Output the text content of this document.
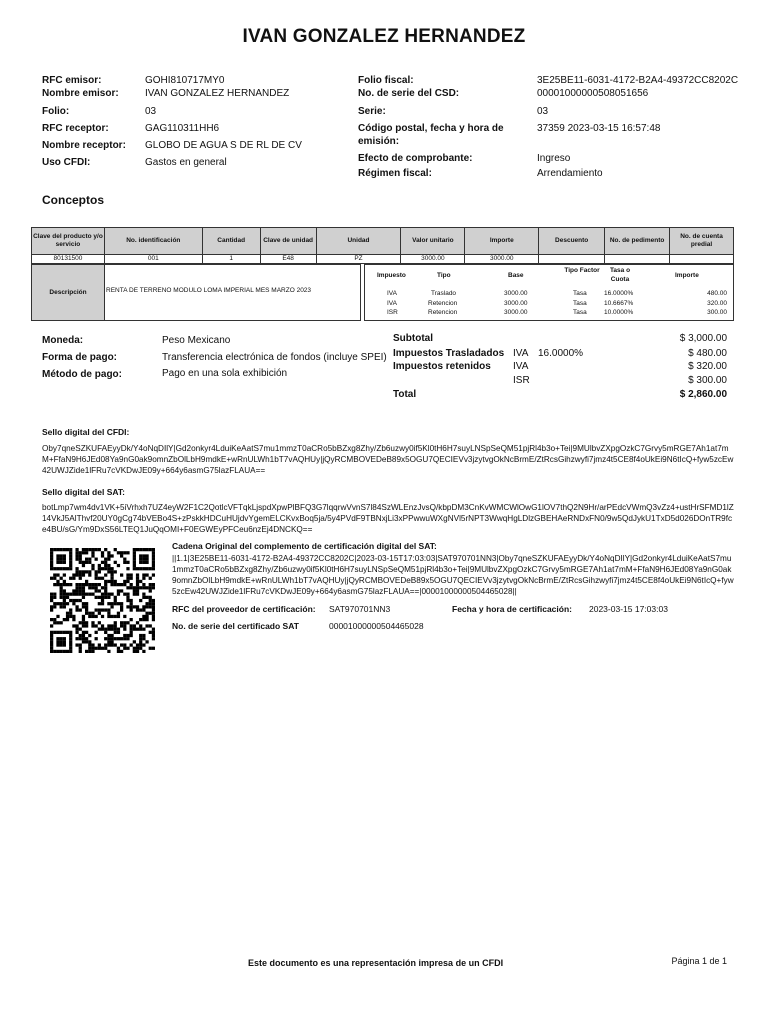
IVAN GONZALEZ HERNANDEZ
RFC emisor:	GOHI810717MY0
Nombre emisor:	IVAN GONZALEZ HERNANDEZ
Folio:	03
RFC receptor:	GAG110311HH6
Nombre receptor: GLOBO DE AGUA S DE RL DE CV
Uso CFDI:	Gastos en general
Folio fiscal:	3E25BE11-6031-4172-B2A4-49372CC8202C
No. de serie del CSD:	00001000000508051656
Serie:	03
Código postal, fecha y hora de
emisión:
37359 2023-03-15 16:57:48
Efecto de comprobante:	Ingreso
Régimen fiscal:	Arrendamiento
Conceptos
Clave del producto y/o servicio	No. identificación	Cantidad	Clave de unidad	Unidad	Valor unitario	Importe	Descuento	No. de pedimento	No. de cuenta predial
80131500	001	1	E48	PZ	3000.00	3000.00			
Descripción	RENTA DE TERRENO MODULO LOMA IMPERIAL MES MARZO 2023
Impuesto	Tipo	Base
Tipo Factor	Tasa o Cuota
Importe
IVA	Traslado	3000.00	Tasa	16.0000%	480.00
IVA	Retencion	3000.00	Tasa	10.6667%	320.00
ISR	Retencion	3000.00	Tasa	10.0000%	300.00
Moneda:	Peso Mexicano
Forma de pago:	Transferencia electrónica de fondos (incluye SPEI)
Método de pago:	Pago en una sola exhibición
Subtotal	$ 3,000.00
Impuestos Trasladados IVA 16.0000%	$ 480.00
Impuestos retenidos IVA	$ 320.00
ISR	$ 300.00
Total	$ 2,860.00
Sello digital del CFDI:
Oby7qneSZKUFAEyyDk/Y4oNqDIlY|Gd2onkyr4LduiKeAatS7mu1mmzT0aCRo5bBZxg8Zhy/Zb6uzwy0if5Kl0tH6H7suyLNSpSeQM51pjRl4b3o+Tei|9MUlbvZXpgOzkC7Grvy5mRGE7Ah1at7mM+FfaN9H6JEd08Ya9nG0ak9omnZbOlLbH9mdkE+wRnULWh1bT7vAQHUy|jQyRCMBOVEDeB89x5OGU7QECIEVv3jzytvgOkNcBrmE/ZtRcsGihzwyfi7jmz4t5CE8f4oUkEi9N6tIcQ+fyw5zcEw42UWJZide1lFRu7cVKDwJE09y+664y6asmG75lazFLAUA==
Sello digital del SAT:
botLmp7wm4dv1VK+5iVrhxh7UZ4eyW2F1C2QotlcVFTqkLjspdXpwPlBFQ3G7lqqrwVvnS7l84SzWLEnzJvsQ/kbpDM3CnKvWMCWlOwG1lOV7thQ2N9Hr/arPEdcVWmQ3vZz4+ustHrSFMD1lZ14VkJ5AlThvf20UY0gCg74bVEBo4S+zPskkHDCuHUjdvYgemELCKvxBoq5ja/5y4PVdF9TBNxjLi3xPPwwuWXgNVl5rNPT3WwqHgLDlzGBEHAeRNDxFN0/9w5QdJykU1TxD5d026DOnTR9fce4BU/sG/Ym9DxS56LTEQ1JuQqOMI+F0EGWEyPFCeu6nzEj4DNCKQ==
Cadena Original del complemento de certificación digital del SAT:
||1.1|3E25BE11-6031-4172-B2A4-49372CC8202C|2023-03-15T17:03:03|SAT970701NN3|Oby7qneSZKUFAEyyDk/Y4oNqDIlY|Gd2onkyr4LduiKeAatS7mu1mmzT0aCRo5bBZxg8Zhy/Zb6uzwy0if5Kl0tH6H7suyLNSpSeQM51pjRl4b3o+Tei|9MUlbvZXpgOzkC7Grvy5mRGE7Ah1at7mM+FfaN9H6JEd08Ya9nG0ak9omnZbOlLbH9mdkE+wRnULWh1bT7vAQHUy|jQyRCMBOVEDeB89x5OGU7QECIEVv3jzytvgOkNcBrmE/ZtRcsGihzwyfi7jmz4t5CE8f4oUkEi9N6tIcQ+fyw5zcEw42UWJZide1lFRu7cVKDwJE09y+664y6asmG75lazFLAUA==|00001000000504465028||
RFC del proveedor de certificación: SAT970701NN3	Fecha y hora de certificación: 2023-03-15 17:03:03
No. de serie del certificado SAT	00001000000504465028
Este documento es una representación impresa de un CFDI	Página 1 de 1
